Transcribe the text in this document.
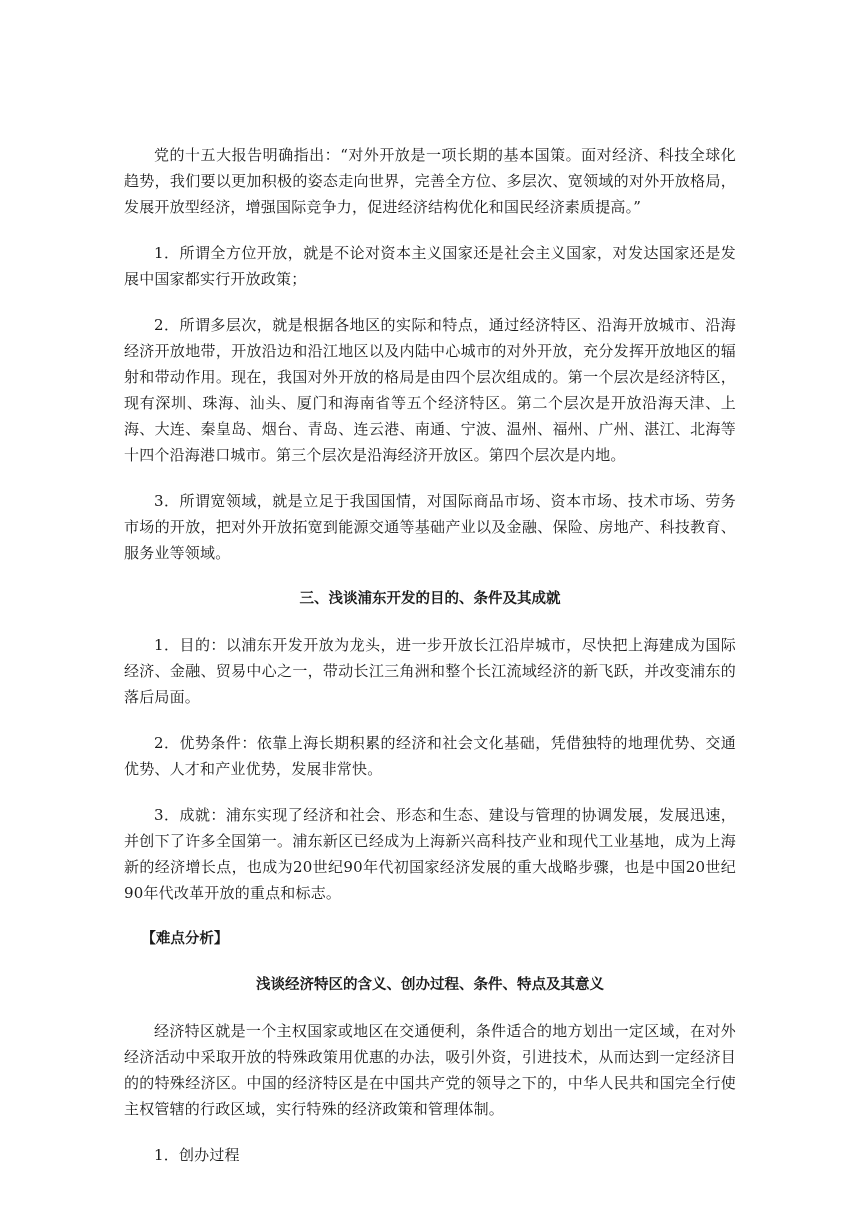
党的十五大报告明确指出：“对外开放是一项长期的基本国策。面对经济、科技全球化趋势，我们要以更加积极的姿态走向世界，完善全方位、多层次、宽领域的对外开放格局，发展开放型经济，增强国际竞争力，促进经济结构优化和国民经济素质提高。”

1．所谓全方位开放，就是不论对资本主义国家还是社会主义国家，对发达国家还是发展中国家都实行开放政策；

2．所谓多层次，就是根据各地区的实际和特点，通过经济特区、沿海开放城市、沿海经济开放地带，开放沿边和沿江地区以及内陆中心城市的对外开放，充分发挥开放地区的辐射和带动作用。现在，我国对外开放的格局是由四个层次组成的。第一个层次是经济特区，现有深圳、珠海、汕头、厦门和海南省等五个经济特区。第二个层次是开放沿海天津、上海、大连、秦皇岛、烟台、青岛、连云港、南通、宁波、温州、福州、广州、湛江、北海等十四个沿海港口城市。第三个层次是沿海经济开放区。第四个层次是内地。

3．所谓宽领域，就是立足于我国国情，对国际商品市场、资本市场、技术市场、劳务市场的开放，把对外开放拓宽到能源交通等基础产业以及金融、保险、房地产、科技教育、服务业等领域。

三、浅谈浦东开发的目的、条件及其成就

1．目的：以浦东开发开放为龙头，进一步开放长江沿岸城市，尽快把上海建成为国际经济、金融、贸易中心之一，带动长江三角洲和整个长江流域经济的新飞跃，并改变浦东的落后局面。

2．优势条件：依靠上海长期积累的经济和社会文化基础，凭借独特的地理优势、交通优势、人才和产业优势，发展非常快。

3．成就：浦东实现了经济和社会、形态和生态、建设与管理的协调发展，发展迅速，并创下了许多全国第一。浦东新区已经成为上海新兴高科技产业和现代工业基地，成为上海新的经济增长点，也成为20世纪90年代初国家经济发展的重大战略步骤，也是中国20世纪90年代改革开放的重点和标志。

【难点分析】

浅谈经济特区的含义、创办过程、条件、特点及其意义

经济特区就是一个主权国家或地区在交通便利，条件适合的地方划出一定区域，在对外经济活动中采取开放的特殊政策用优惠的办法，吸引外资，引进技术，从而达到一定经济目的的特殊经济区。中国的经济特区是在中国共产党的领导之下的，中华人民共和国完全行使主权管辖的行政区域，实行特殊的经济政策和管理体制。

1．创办过程
